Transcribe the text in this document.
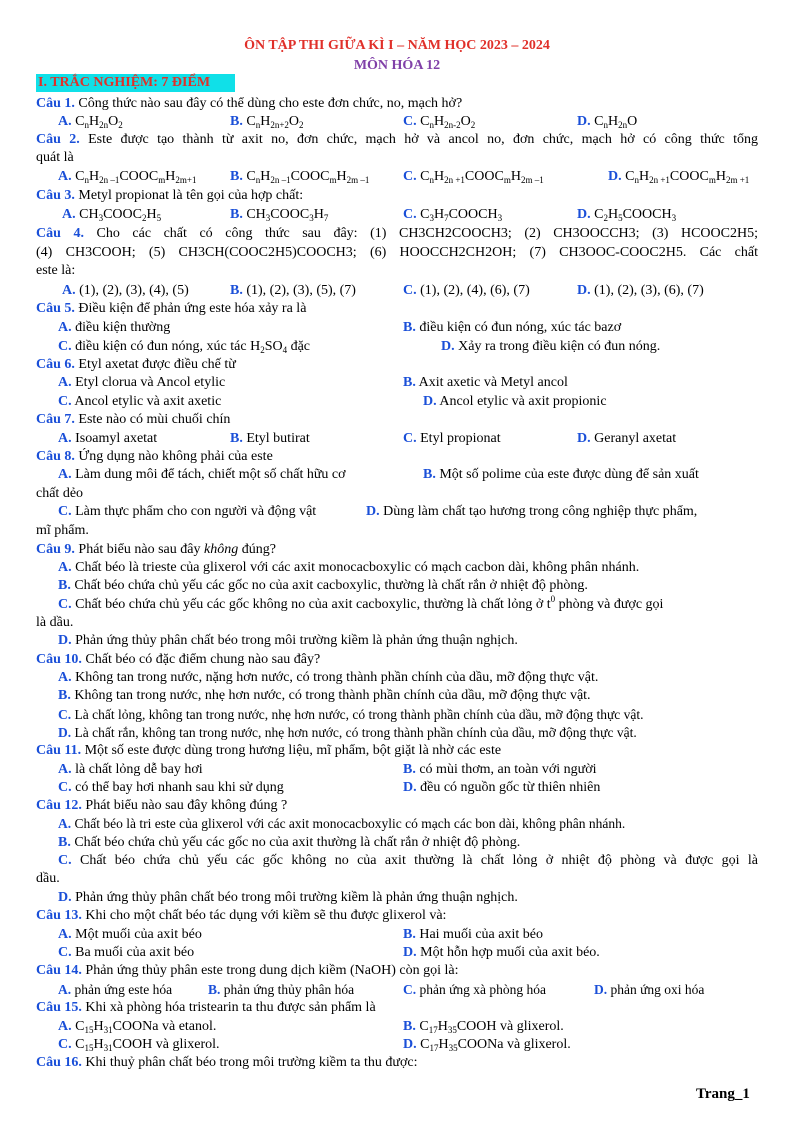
ÔN TẬP THI GIỮA KÌ I – NĂM HỌC 2023 – 2024
MÔN HÓA 12
I. TRẮC NGHIỆM: 7 ĐIỂM
Câu 1. Công thức nào sau đây có thể dùng cho este đơn chức, no, mạch hở?
A. $C_nH_{2n}O_2$	B. $C_nH_{2n+2}O_2$	C. $C_nH_{2n-2}O_2$	D. $C_nH_{2n}O$
Câu 2. Este được tạo thành từ axit no, đơn chức, mạch hở và ancol no, đơn chức, mạch hở có công thức tổng
quát là
A. $C_nH_{2n -1}COOC_mH_{2m+1}$ B. $C_nH_{2n -1}COOC_mH_{2m -1}$ C. $C_nH_{2n +1}COOC_mH_{2m -1}$	D. $C_nH_{2n +1}COOC_mH_{2m +1}$
Câu 3. Metyl propionat là tên gọi của hợp chất:
A. $CH_3COOC_2H_5$	B. $CH_3COOC_3H_7$	C. $C_3H_7COOCH_3$	D. $C_2H_5COOCH_3$
Câu 4. Cho các chất có công thức sau đây: (1) CH3CH2COOCH3; (2) CH3OOCCH3; (3) HCOOC2H5;
(4) CH3COOH; (5) CH3CH(COOC2H5)COOCH3; (6) HOOCCH2CH2OH; (7) CH3OOC-COOC2H5. Các chất
este là:
A. (1), (2), (3), (4), (5)	B. (1), (2), (3), (5), (7)	C. (1), (2), (4), (6), (7)	D. (1), (2), (3), (6), (7)
Câu 5. Điều kiện để phản ứng este hóa xảy ra là
A. điều kiện thường	B. điều kiện có đun nóng, xúc tác bazơ
C. điều kiện có đun nóng, xúc tác $H_2SO_4$ đặc	D. Xảy ra trong điều kiện có đun nóng.
Câu 6. Etyl axetat được điều chế từ
A. Etyl clorua và Ancol etylic	B. Axit axetic và Metyl ancol
C. Ancol etylic và axit axetic	D. Ancol etylic và axit propionic
Câu 7. Este nào có mùi chuối chín
A. Isoamyl axetat	B. Etyl butirat	C. Etyl propionat	D. Geranyl axetat
Câu 8. Ứng dụng nào không phải của este
A. Làm dung môi để tách, chiết một số chất hữu cơ	B. Một số polime của este được dùng để sản xuất
chất dẻo
C. Làm thực phẩm cho con người và động vật	D. Dùng làm chất tạo hương trong công nghiệp thực phẩm,
mĩ phẩm.
Câu 9. Phát biểu nào sau đây không đúng?
A. Chất béo là trieste của glixerol với các axit monocacboxylic có mạch cacbon dài, không phân nhánh.
B. Chất béo chứa chủ yếu các gốc no của axit cacboxylic, thường là chất rắn ở nhiệt độ phòng.
C. Chất béo chứa chủ yếu các gốc không no của axit cacboxylic, thường là chất lỏng ở $t^0$ phòng và được gọi
là dầu.
D. Phản ứng thủy phân chất béo trong môi trường kiềm là phản ứng thuận nghịch.
Câu 10. Chất béo có đặc điểm chung nào sau đây?
A. Không tan trong nước, nặng hơn nước, có trong thành phần chính của dầu, mỡ động thực vật.
B. Không tan trong nước, nhẹ hơn nước, có trong thành phần chính của dầu, mỡ động thực vật.
C. Là chất lỏng, không tan trong nước, nhẹ hơn nước, có trong thành phần chính của dầu, mỡ động thực vật.
D. Là chất rắn, không tan trong nước, nhẹ hơn nước, có trong thành phần chính của dầu, mỡ động thực vật.
Câu 11. Một số este được dùng trong hương liệu, mĩ phẩm, bột giặt là nhờ các este
A. là chất lỏng dễ bay hơi	B. có mùi thơm, an toàn với người
C. có thể bay hơi nhanh sau khi sử dụng	D. đều có nguồn gốc từ thiên nhiên
Câu 12. Phát biểu nào sau đây không đúng ?
A. Chất béo là tri este của glixerol với các axit monocacboxylic có mạch các bon dài, không phân nhánh.
B. Chất béo chứa chủ yếu các gốc no của axit thường là chất rắn ở nhiệt độ phòng.
C. Chất béo chứa chủ yếu các gốc không no của axit thường là chất lỏng ở nhiệt độ phòng và được gọi là
dầu.
D. Phản ứng thủy phân chất béo trong môi trường kiềm là phản ứng thuận nghịch.
Câu 13. Khi cho một chất béo tác dụng với kiềm sẽ thu được glixerol và:
A. Một muối của axit béo	B. Hai muối của axit béo
C. Ba muối của axit béo	D. Một hỗn hợp muối của axit béo.
Câu 14. Phản ứng thủy phân este trong dung dịch kiềm (NaOH) còn gọi là:
A. phản ứng este hóa	B. phản ứng thủy phân hóa	C. phản ứng xà phòng hóa	D. phản ứng oxi hóa
Câu 15. Khi xà phòng hóa tristearin ta thu được sản phẩm là
A. $C_{15}H_{31}COONa$ và etanol.	B. $C_{17}H_{35}COOH$ và glixerol.
C. $C_{15}H_{31}COOH$ và glixerol.	D. $C_{17}H_{35}COONa$ và glixerol.
Câu 16. Khi thuỷ phân chất béo trong môi trường kiềm ta thu được:
Trang_1
